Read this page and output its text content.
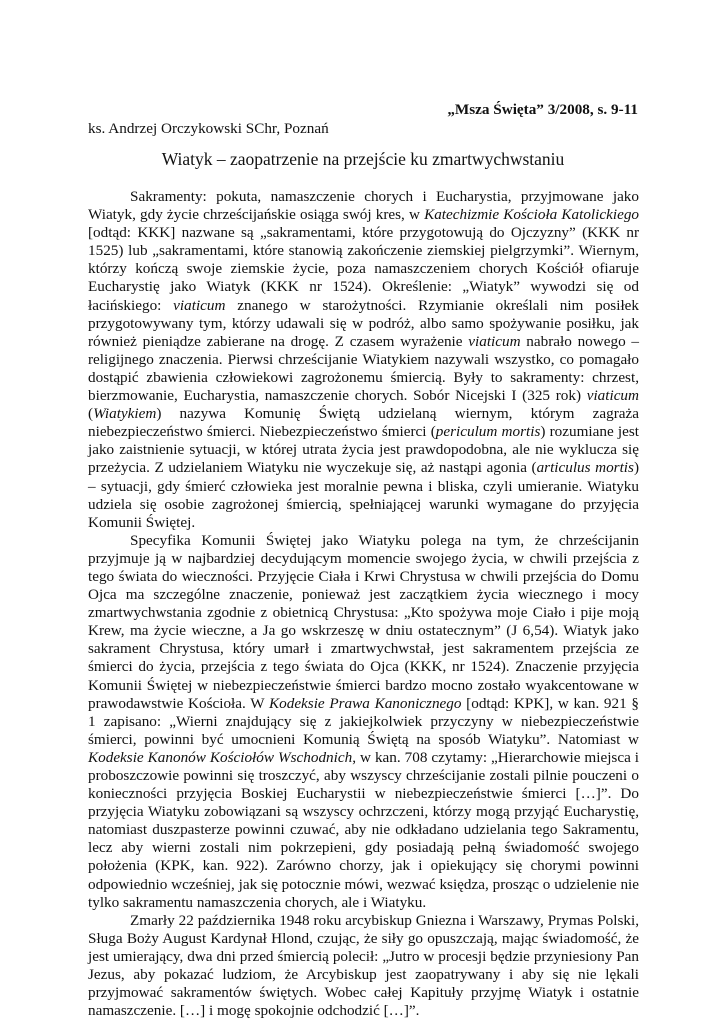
„Msza Święta” 3/2008, s. 9-11
ks. Andrzej Orczykowski SChr, Poznań
Wiatyk – zaopatrzenie na przejście ku zmartwychwstaniu

Sakramenty: pokuta, namaszczenie chorych i Eucharystia, przyjmowane jako Wiatyk, gdy życie chrześcijańskie osiąga swój kres, w Katechizmie Kościoła Katolickiego [odtąd: KKK] nazwane są „sakramentami, które przygotowują do Ojczyzny” (KKK nr 1525) lub „sakramentami, które stanowią zakończenie ziemskiej pielgrzymki”. Wiernym, którzy kończą swoje ziemskie życie, poza namaszczeniem chorych Kościół ofiaruje Eucharystię jako Wiatyk (KKK nr 1524). Określenie: „Wiatyk” wywodzi się od łacińskiego: viaticum znanego w starożytności. Rzymianie określali nim posiłek przygotowywany tym, którzy udawali się w podróż, albo samo spożywanie posiłku, jak również pieniądze zabierane na drogę. Z czasem wyrażenie viaticum nabrało nowego – religijnego znaczenia. Pierwsi chrześcijanie Wiatykiem nazywali wszystko, co pomagało dostąpić zbawienia człowiekowi zagrożonemu śmiercią. Były to sakramenty: chrzest, bierzmowanie, Eucharystia, namaszczenie chorych. Sobór Nicejski I (325 rok) viaticum (Wiatykiem) nazywa Komunię Świętą udzielaną wiernym, którym zagraża niebezpieczeństwo śmierci. Niebezpieczeństwo śmierci (periculum mortis) rozumiane jest jako zaistnienie sytuacji, w której utrata życia jest prawdopodobna, ale nie wyklucza się przeżycia. Z udzielaniem Wiatyku nie wyczekuje się, aż nastąpi agonia (articulus mortis) – sytuacji, gdy śmierć człowieka jest moralnie pewna i bliska, czyli umieranie. Wiatyku udziela się osobie zagrożonej śmiercią, spełniającej warunki wymagane do przyjęcia Komunii Świętej.

Specyfika Komunii Świętej jako Wiatyku polega na tym, że chrześcijanin przyjmuje ją w najbardziej decydującym momencie swojego życia, w chwili przejścia z tego świata do wieczności. Przyjęcie Ciała i Krwi Chrystusa w chwili przejścia do Domu Ojca ma szczególne znaczenie, ponieważ jest zaczątkiem życia wiecznego i mocy zmartwychwstania zgodnie z obietnicą Chrystusa: „Kto spożywa moje Ciało i pije moją Krew, ma życie wieczne, a Ja go wskrzeszę w dniu ostatecznym” (J 6,54). Wiatyk jako sakrament Chrystusa, który umarł i zmartwychwstał, jest sakramentem przejścia ze śmierci do życia, przejścia z tego świata do Ojca (KKK, nr 1524). Znaczenie przyjęcia Komunii Świętej w niebezpieczeństwie śmierci bardzo mocno zostało wyakcentowane w prawodawstwie Kościoła. W Kodeksie Prawa Kanonicznego [odtąd: KPK], w kan. 921 § 1 zapisano: „Wierni znajdujący się z jakiejkolwiek przyczyny w niebezpieczeństwie śmierci, powinni być umocnieni Komunią Świętą na sposób Wiatyku”. Natomiast w Kodeksie Kanonów Kościołów Wschodnich, w kan. 708 czytamy: „Hierarchowie miejsca i proboszczowie powinni się troszczyć, aby wszyscy chrześcijanie zostali pilnie pouczeni o konieczności przyjęcia Boskiej Eucharystii w niebezpieczeństwie śmierci […]”. Do przyjęcia Wiatyku zobowiązani są wszyscy ochrzczeni, którzy mogą przyjąć Eucharystię, natomiast duszpasterze powinni czuwać, aby nie odkładano udzielania tego Sakramentu, lecz aby wierni zostali nim pokrzepieni, gdy posiadają pełną świadomość swojego położenia (KPK, kan. 922). Zarówno chorzy, jak i opiekujący się chorymi powinni odpowiednio wcześniej, jak się potocznie mówi, wezwać księdza, prosząc o udzielenie nie tylko sakramentu namaszczenia chorych, ale i Wiatyku.

Zmarły 22 października 1948 roku arcybiskup Gniezna i Warszawy, Prymas Polski, Sługa Boży August Kardynał Hlond, czując, że siły go opuszczają, mając świadomość, że jest umierający, dwa dni przed śmiercią polecił: „Jutro w procesji będzie przyniesiony Pan Jezus, aby pokazać ludziom, że Arcybiskup jest zaopatrywany i aby się nie lękali przyjmować sakramentów świętych. Wobec całej Kapituły przyjmę Wiatyk i ostatnie namaszczenie. […] i mogę spokojnie odchodzić […]”.
